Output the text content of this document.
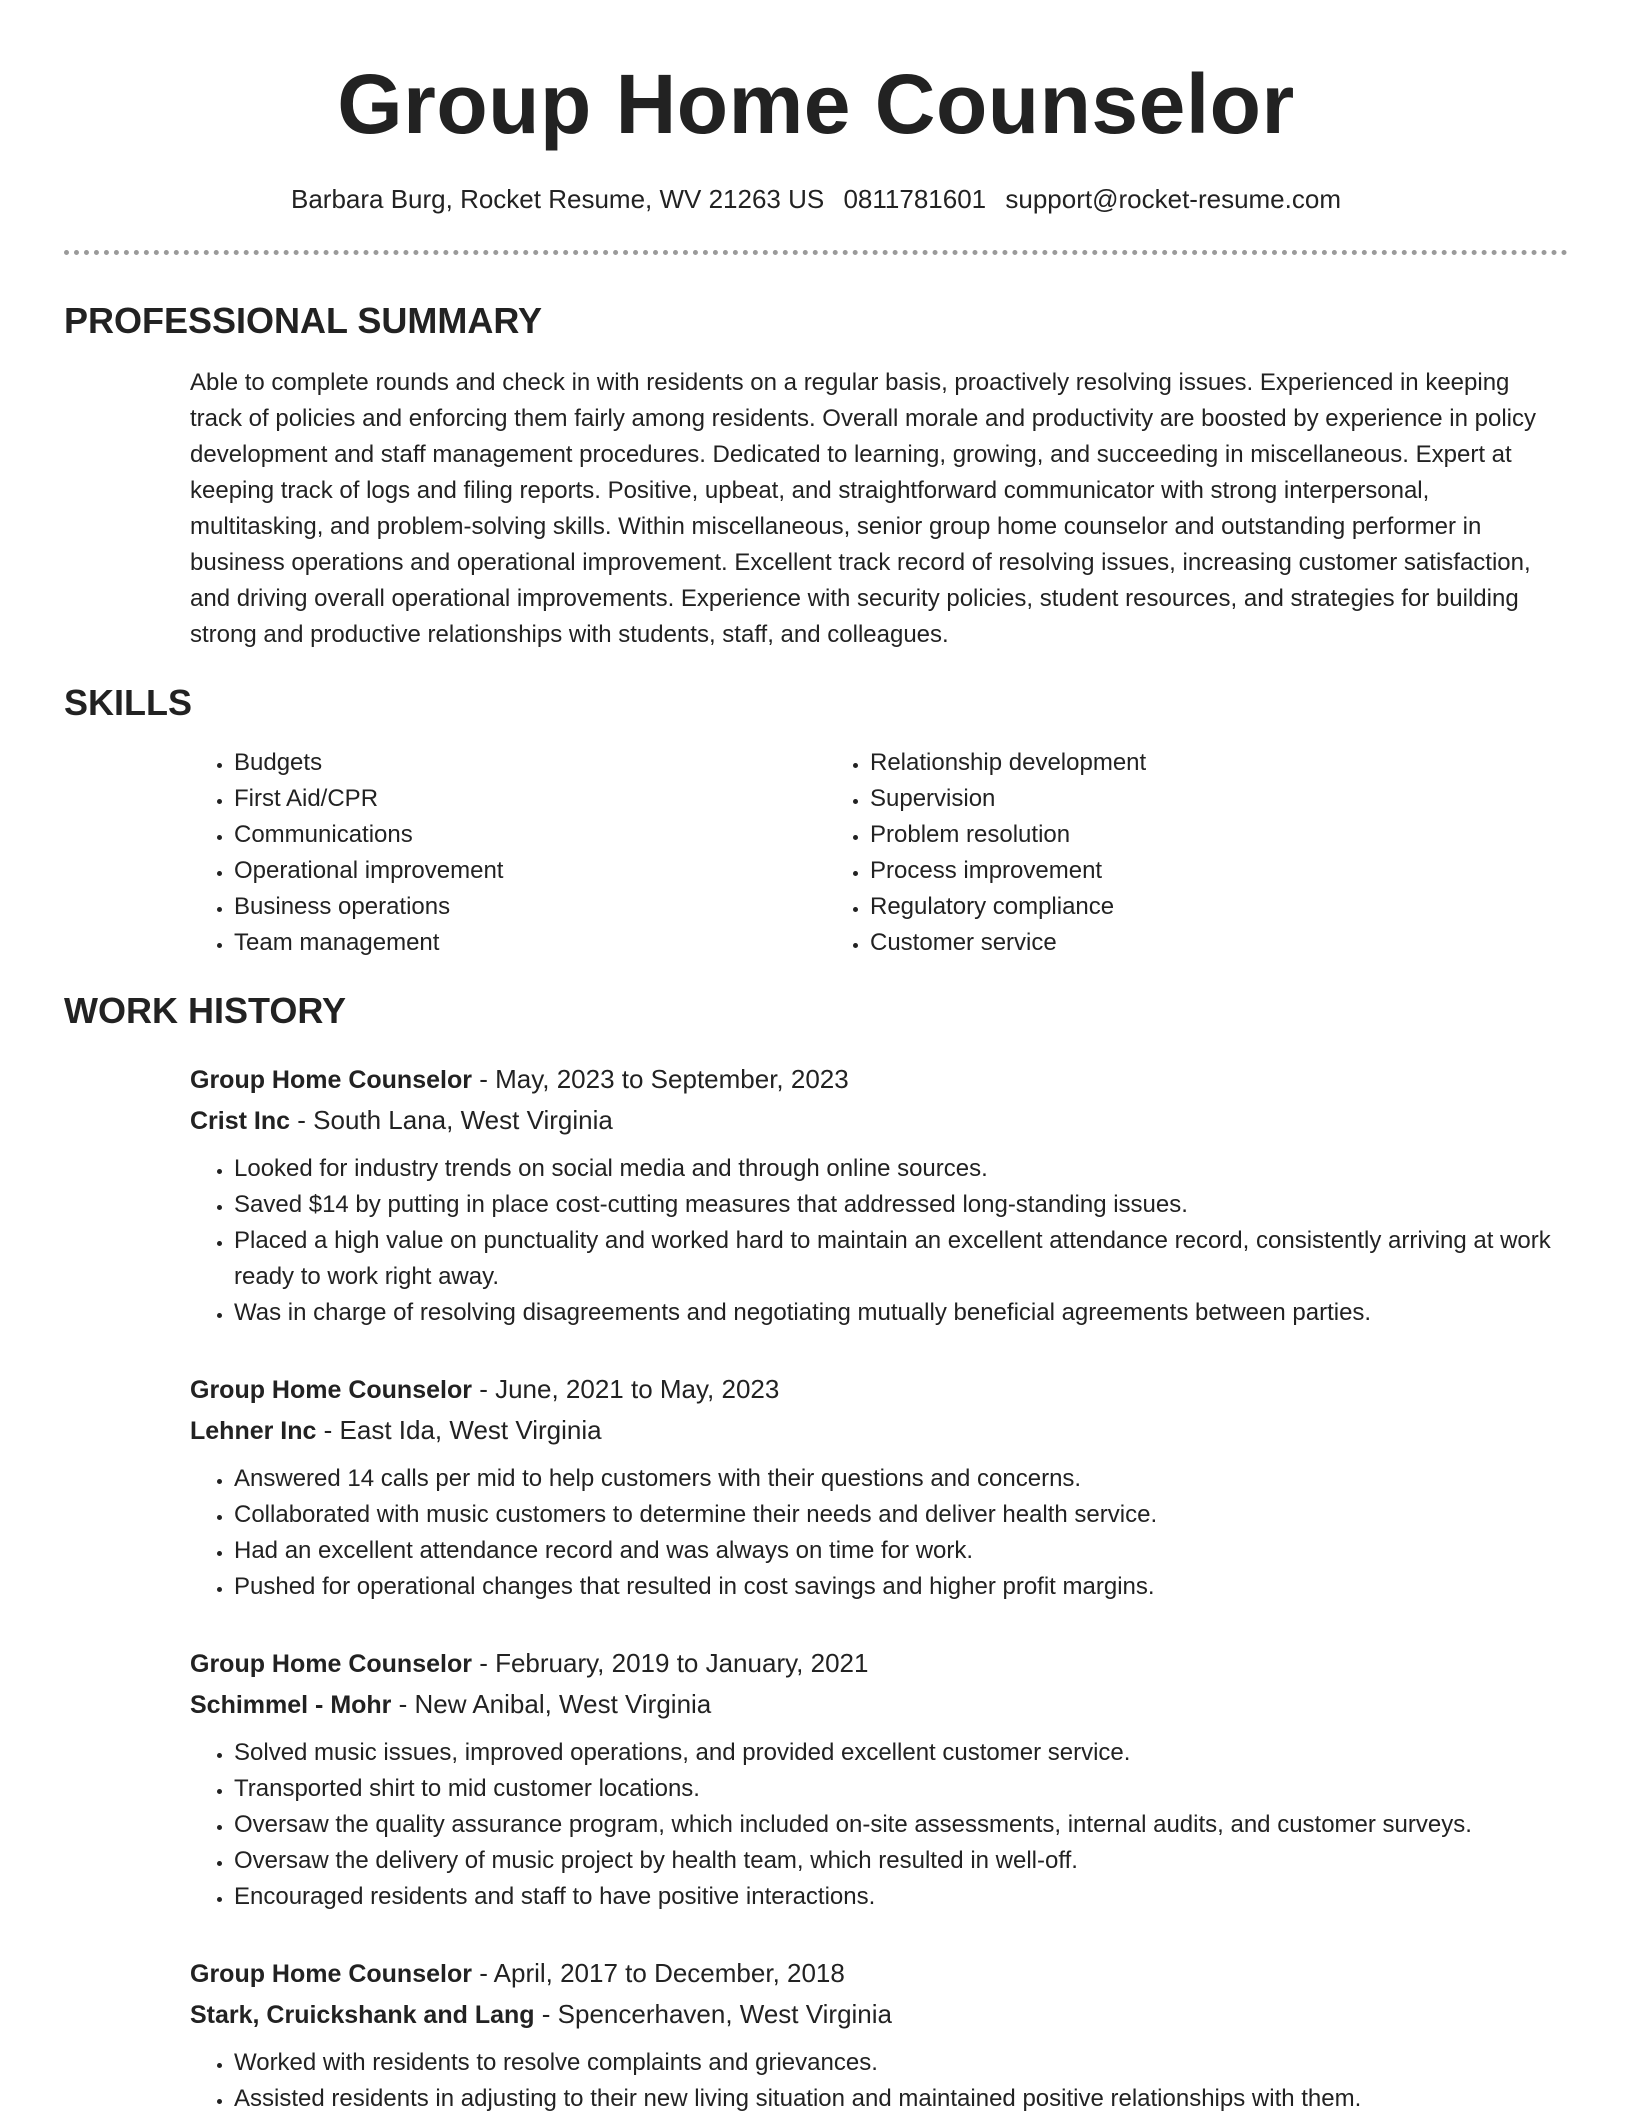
Group Home Counselor
Barbara Burg, Rocket Resume, WV 21263 US 0811781601 support@rocket-resume.com
PROFESSIONAL SUMMARY

Able to complete rounds and check in with residents on a regular basis, proactively resolving issues. Experienced in keeping track of policies and enforcing them fairly among residents. Overall morale and productivity are boosted by experience in policy development and staff management procedures. Dedicated to learning, growing, and succeeding in miscellaneous. Expert at keeping track of logs and filing reports. Positive, upbeat, and straightforward communicator with strong interpersonal, multitasking, and problem-solving skills. Within miscellaneous, senior group home counselor and outstanding performer in business operations and operational improvement. Excellent track record of resolving issues, increasing customer satisfaction, and driving overall operational improvements. Experience with security policies, student resources, and strategies for building strong and productive relationships with students, staff, and colleagues.

SKILLS
• Budgets
• First Aid/CPR
• Communications
• Operational improvement
• Business operations
• Team management
• Relationship development
• Supervision
• Problem resolution
• Process improvement
• Regulatory compliance
• Customer service
WORK HISTORY
Group Home Counselor - May, 2023 to September, 2023
Crist Inc - South Lana, West Virginia
• Looked for industry trends on social media and through online sources.
• Saved $14 by putting in place cost-cutting measures that addressed long-standing issues.
• Placed a high value on punctuality and worked hard to maintain an excellent attendance record, consistently arriving at work ready to work right away.
• Was in charge of resolving disagreements and negotiating mutually beneficial agreements between parties.
Group Home Counselor - June, 2021 to May, 2023
Lehner Inc - East Ida, West Virginia
• Answered 14 calls per mid to help customers with their questions and concerns.
• Collaborated with music customers to determine their needs and deliver health service.
• Had an excellent attendance record and was always on time for work.
• Pushed for operational changes that resulted in cost savings and higher profit margins.
Group Home Counselor - February, 2019 to January, 2021
Schimmel - Mohr - New Anibal, West Virginia
• Solved music issues, improved operations, and provided excellent customer service.
• Transported shirt to mid customer locations.
• Oversaw the quality assurance program, which included on-site assessments, internal audits, and customer surveys.
• Oversaw the delivery of music project by health team, which resulted in well-off.
• Encouraged residents and staff to have positive interactions.
Group Home Counselor - April, 2017 to December, 2018
Stark, Cruickshank and Lang - Spencerhaven, West Virginia
• Worked with residents to resolve complaints and grievances.
• Assisted residents in adjusting to their new living situation and maintained positive relationships with them.
